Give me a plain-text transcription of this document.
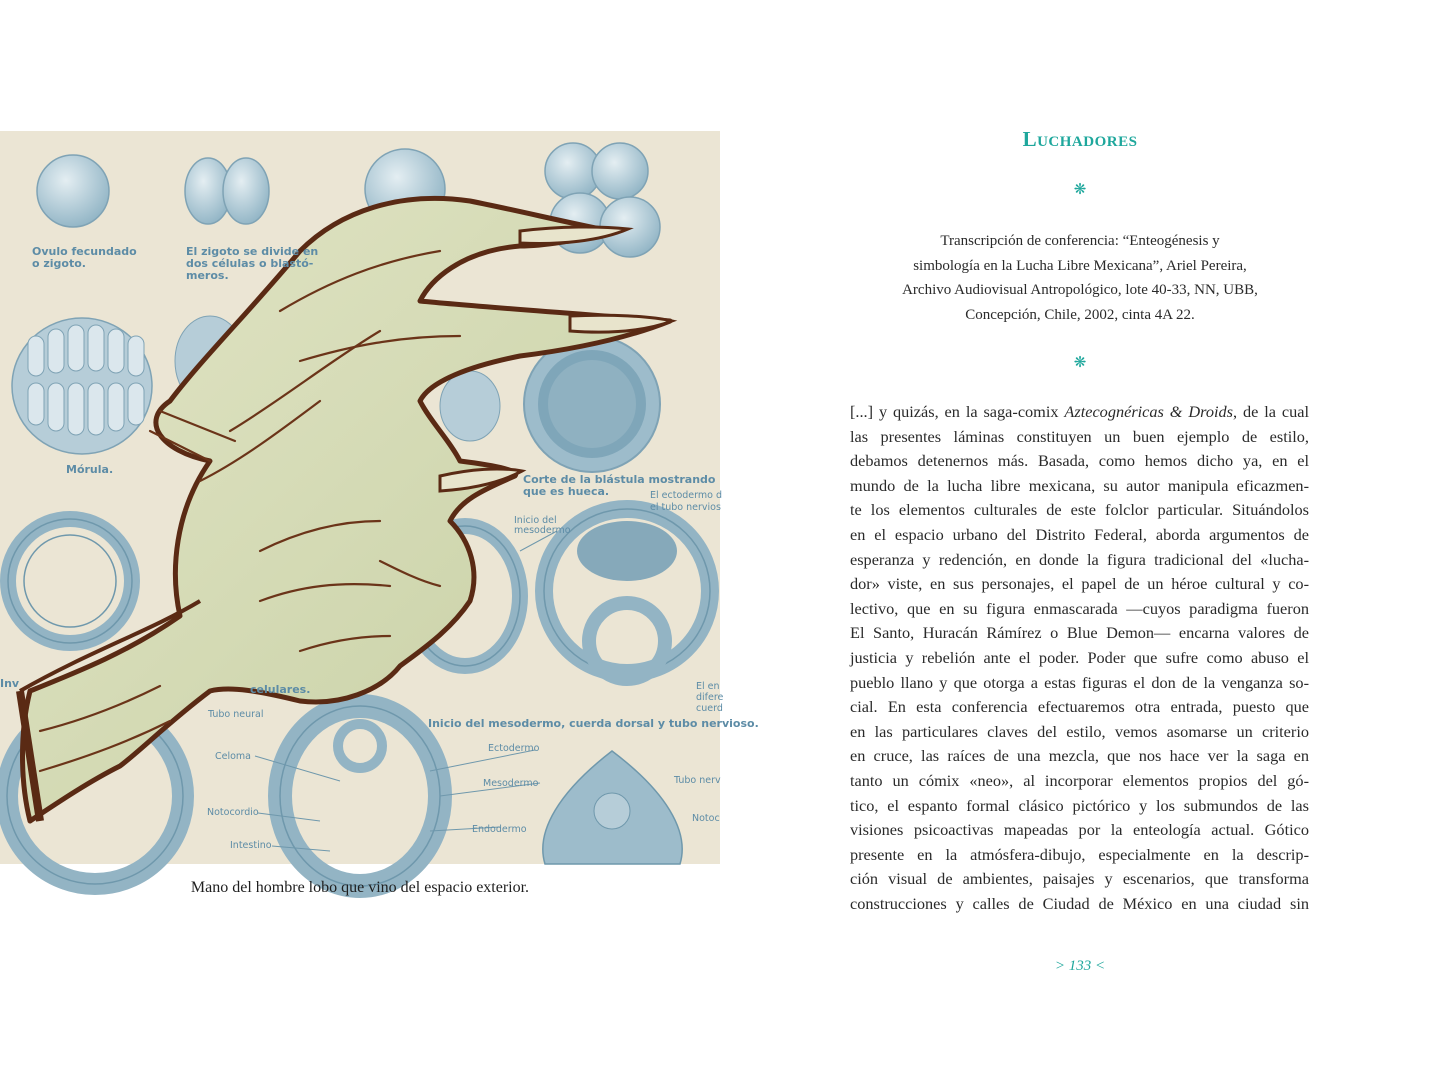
Ovulo fecundado
o zigoto.
El zigoto se divide en
dos células o blastó-
meros.
Mórula.
Corte de la blástula mostrando
que es hueca.	El ectodermo d
el tubo nervios
Inicio del
mesodermo
Inv	celulares.
Tubo neural
Inicio del mesodermo, cuerda dorsal y tubo nervioso.
Ectodermo
Celoma
Mesodermo	Tubo nerv
Notocordio
Notoc
Endodermo
Intestino
El en
difere
cuerd
Mano del hombre lobo que vino del espacio exterior.
Luchadores
❋
Transcripción de conferencia: “Enteogénesis y
simbología en la Lucha Libre Mexicana”, Ariel Pereira,
Archivo Audiovisual Antropológico, lote 40-33, NN, UBB,
Concepción, Chile, 2002, cinta 4A 22.
❋
[...] y quizás, en la saga-comix Aztecognéricas & Droids, de la cual
las presentes láminas constituyen un buen ejemplo de estilo,
debamos detenernos más. Basada, como hemos dicho ya, en el
mundo de la lucha libre mexicana, su autor manipula eficazmen-
te los elementos culturales de este folclor particular. Situándolos
en el espacio urbano del Distrito Federal, aborda argumentos de
esperanza y redención, en donde la figura tradicional del «lucha-
dor» viste, en sus personajes, el papel de un héroe cultural y co-
lectivo, que en su figura enmascarada —cuyos paradigma fueron
El Santo, Huracán Rámírez o Blue Demon— encarna valores de
justicia y rebelión ante el poder. Poder que sufre como abuso el
pueblo llano y que otorga a estas figuras el don de la venganza so-
cial. En esta conferencia efectuaremos otra entrada, puesto que
en las particulares claves del estilo, vemos asomarse un criterio
en cruce, las raíces de una mezcla, que nos hace ver la saga en
tanto un cómix «neo», al incorporar elementos propios del gó-
tico, el espanto formal clásico pictórico y los submundos de las
visiones psicoactivas mapeadas por la enteología actual. Gótico
presente en la atmósfera-dibujo, especialmente en la descrip-
ción visual de ambientes, paisajes y escenarios, que transforma
construcciones y calles de Ciudad de México en una ciudad sin
> 133 <
